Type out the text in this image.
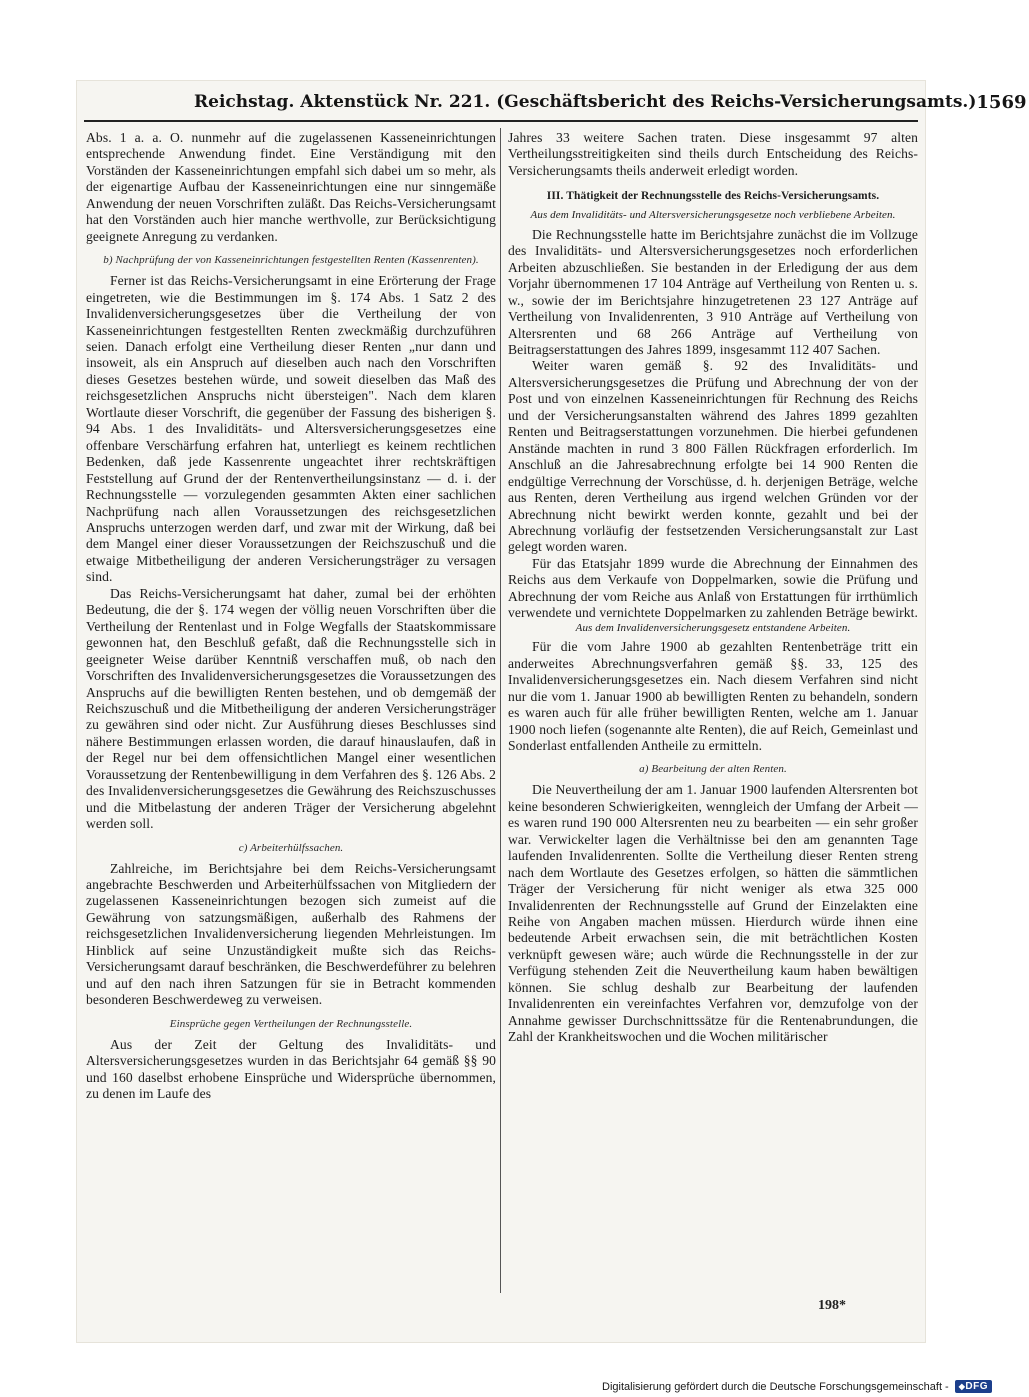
Reichstag. Aktenstück Nr. 221. (Geschäftsbericht des Reichs-Versicherungsamts.) 1569

Abs. 1 a. a. O. nunmehr auf die zugelassenen Kasseneinrichtungen entsprechende Anwendung findet. Eine Verständigung mit den Vorständen der Kasseneinrichtungen empfahl sich dabei um so mehr, als der eigenartige Aufbau der Kasseneinrichtungen eine nur sinngemäße Anwendung der neuen Vorschriften zuläßt. Das Reichs-Versicherungsamt hat den Vorständen auch hier manche werthvolle, zur Berücksichtigung geeignete Anregung zu verdanken.

b) Nachprüfung der von Kasseneinrichtungen festgestellten Renten (Kassenrenten).

Ferner ist das Reichs-Versicherungsamt in eine Erörterung der Frage eingetreten, wie die Bestimmungen im §. 174 Abs. 1 Satz 2 des Invalidenversicherungsgesetzes über die Vertheilung der von Kasseneinrichtungen festgestellten Renten zweckmäßig durchzuführen seien. Danach erfolgt eine Vertheilung dieser Renten „nur dann und insoweit, als ein Anspruch auf dieselben auch nach den Vorschriften dieses Gesetzes bestehen würde, und soweit dieselben das Maß des reichsgesetzlichen Anspruchs nicht übersteigen". Nach dem klaren Wortlaute dieser Vorschrift, die gegenüber der Fassung des bisherigen §. 94 Abs. 1 des Invaliditäts- und Altersversicherungsgesetzes eine offenbare Verschärfung erfahren hat, unterliegt es keinem rechtlichen Bedenken, daß jede Kassenrente ungeachtet ihrer rechtskräftigen Feststellung auf Grund der der Rentenvertheilungsinstanz — d. i. der Rechnungsstelle — vorzulegenden gesammten Akten einer sachlichen Nachprüfung nach allen Voraussetzungen des reichsgesetzlichen Anspruchs unterzogen werden darf, und zwar mit der Wirkung, daß bei dem Mangel einer dieser Voraussetzungen der Reichszuschuß und die etwaige Mitbetheiligung der anderen Versicherungsträger zu versagen sind.

Das Reichs-Versicherungsamt hat daher, zumal bei der erhöhten Bedeutung, die der §. 174 wegen der völlig neuen Vorschriften über die Vertheilung der Rentenlast und in Folge Wegfalls der Staatskommissare gewonnen hat, den Beschluß gefaßt, daß die Rechnungsstelle sich in geeigneter Weise darüber Kenntniß verschaffen muß, ob nach den Vorschriften des Invalidenversicherungsgesetzes die Voraussetzungen des Anspruchs auf die bewilligten Renten bestehen, und ob demgemäß der Reichszuschuß und die Mitbetheiligung der anderen Versicherungsträger zu gewähren sind oder nicht. Zur Ausführung dieses Beschlusses sind nähere Bestimmungen erlassen worden, die darauf hinauslaufen, daß in der Regel nur bei dem offensichtlichen Mangel einer wesentlichen Voraussetzung der Rentenbewilligung in dem Verfahren des §. 126 Abs. 2 des Invalidenversicherungsgesetzes die Gewährung des Reichszuschusses und die Mitbelastung der anderen Träger der Versicherung abgelehnt werden soll.

c) Arbeiterhülfssachen.

Zahlreiche, im Berichtsjahre bei dem Reichs-Versicherungsamt angebrachte Beschwerden und Arbeiterhülfssachen von Mitgliedern der zugelassenen Kasseneinrichtungen bezogen sich zumeist auf die Gewährung von satzungsmäßigen, außerhalb des Rahmens der reichsgesetzlichen Invalidenversicherung liegenden Mehrleistungen. Im Hinblick auf seine Unzuständigkeit mußte sich das Reichs-Versicherungsamt darauf beschränken, die Beschwerdeführer zu belehren und auf den nach ihren Satzungen für sie in Betracht kommenden besonderen Beschwerdeweg zu verweisen.

Einsprüche gegen Vertheilungen der Rechnungsstelle.

Aus der Zeit der Geltung des Invaliditäts- und Altersversicherungsgesetzes wurden in das Berichtsjahr 64 gemäß §§ 90 und 160 daselbst erhobene Einsprüche und Widersprüche übernommen, zu denen im Laufe des

Jahres 33 weitere Sachen traten. Diese insgesammt 97 alten Vertheilungsstreitigkeiten sind theils durch Entscheidung des Reichs-Versicherungsamts theils anderweit erledigt worden.

III. Thätigkeit der Rechnungsstelle des Reichs-Versicherungsamts.
Aus dem Invaliditäts- und Altersversicherungsgesetze noch verbliebene Arbeiten.

Die Rechnungsstelle hatte im Berichtsjahre zunächst die im Vollzuge des Invaliditäts- und Altersversicherungsgesetzes noch erforderlichen Arbeiten abzuschließen. Sie bestanden in der Erledigung der aus dem Vorjahr übernommenen 17 104 Anträge auf Vertheilung von Renten u. s. w., sowie der im Berichtsjahre hinzugetretenen 23 127 Anträge auf Vertheilung von Invalidenrenten, 3 910 Anträge auf Vertheilung von Altersrenten und 68 266 Anträge auf Vertheilung von Beitragserstattungen des Jahres 1899, insgesammt 112 407 Sachen.

Weiter waren gemäß §. 92 des Invaliditäts- und Altersversicherungsgesetzes die Prüfung und Abrechnung der von der Post und von einzelnen Kasseneinrichtungen für Rechnung des Reichs und der Versicherungsanstalten während des Jahres 1899 gezahlten Renten und Beitragserstattungen vorzunehmen. Die hierbei gefundenen Anstände machten in rund 3 800 Fällen Rückfragen erforderlich. Im Anschluß an die Jahresabrechnung erfolgte bei 14 900 Renten die endgültige Verrechnung der Vorschüsse, d. h. derjenigen Beträge, welche aus Renten, deren Vertheilung aus irgend welchen Gründen vor der Abrechnung nicht bewirkt werden konnte, gezahlt und bei der Abrechnung vorläufig der festsetzenden Versicherungsanstalt zur Last gelegt worden waren.

Für das Etatsjahr 1899 wurde die Abrechnung der Einnahmen des Reichs aus dem Verkaufe von Doppelmarken, sowie die Prüfung und Abrechnung der vom Reiche aus Anlaß von Erstattungen für irrthümlich verwendete und vernichtete Doppelmarken zu zahlenden Beträge bewirkt.

Aus dem Invalidenversicherungsgesetz entstandene Arbeiten.

Für die vom Jahre 1900 ab gezahlten Rentenbeträge tritt ein anderweites Abrechnungsverfahren gemäß §§. 33, 125 des Invalidenversicherungsgesetzes ein. Nach diesem Verfahren sind nicht nur die vom 1. Januar 1900 ab bewilligten Renten zu behandeln, sondern es waren auch für alle früher bewilligten Renten, welche am 1. Januar 1900 noch liefen (sogenannte alte Renten), die auf Reich, Gemeinlast und Sonderlast entfallenden Antheile zu ermitteln.

a) Bearbeitung der alten Renten.

Die Neuvertheilung der am 1. Januar 1900 laufenden Altersrenten bot keine besonderen Schwierigkeiten, wenngleich der Umfang der Arbeit — es waren rund 190 000 Altersrenten neu zu bearbeiten — ein sehr großer war. Verwickelter lagen die Verhältnisse bei den am genannten Tage laufenden Invalidenrenten. Sollte die Vertheilung dieser Renten streng nach dem Wortlaute des Gesetzes erfolgen, so hätten die sämmtlichen Träger der Versicherung für nicht weniger als etwa 325 000 Invalidenrenten der Rechnungsstelle auf Grund der Einzelakten eine Reihe von Angaben machen müssen. Hierdurch würde ihnen eine bedeutende Arbeit erwachsen sein, die mit beträchtlichen Kosten verknüpft gewesen wäre; auch würde die Rechnungsstelle in der zur Verfügung stehenden Zeit die Neuvertheilung kaum haben bewältigen können. Sie schlug deshalb zur Bearbeitung der laufenden Invalidenrenten ein vereinfachtes Verfahren vor, demzufolge von der Annahme gewisser Durchschnittssätze für die Rentenabrundungen, die Zahl der Krankheitswochen und die Wochen militärischer

198*
Digitalisierung gefördert durch die Deutsche Forschungsgemeinschaft -
◆	DFG
